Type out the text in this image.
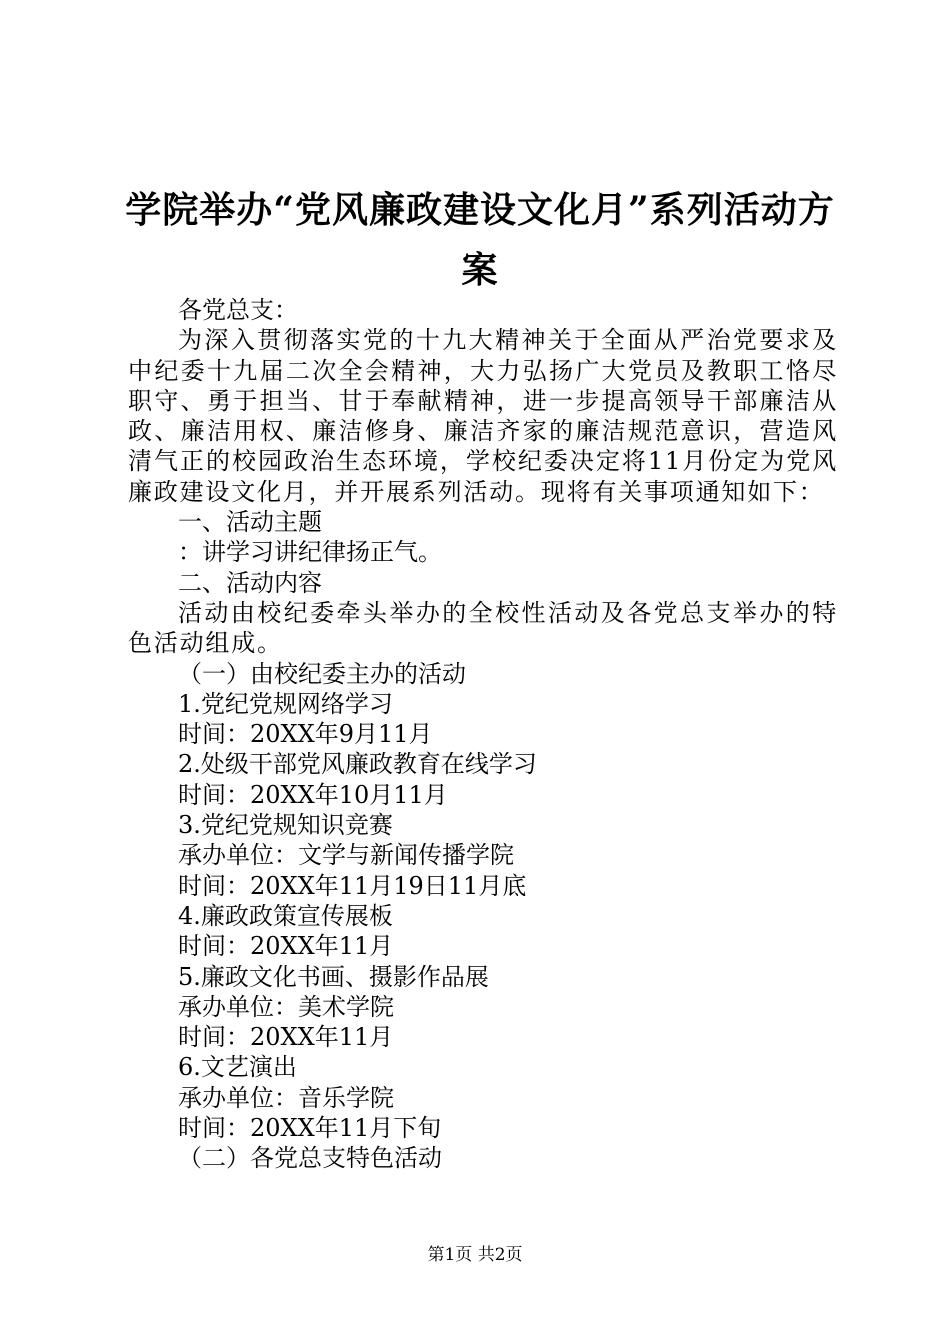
学院举办“党风廉政建设文化月”系列活动方案

各党总支：

为深入贯彻落实党的十九大精神关于全面从严治党要求及中纪委十九届二次全会精神，大力弘扬广大党员及教职工恪尽职守、勇于担当、甘于奉献精神，进一步提高领导干部廉洁从政、廉洁用权、廉洁修身、廉洁齐家的廉洁规范意识，营造风清气正的校园政治生态环境，学校纪委决定将11月份定为党风廉政建设文化月，并开展系列活动。现将有关事项通知如下：

一、活动主题

：讲学习讲纪律扬正气。

二、活动内容

活动由校纪委牵头举办的全校性活动及各党总支举办的特色活动组成。

（一）由校纪委主办的活动

1.党纪党规网络学习

时间：20XX年9月11月

2.处级干部党风廉政教育在线学习

时间：20XX年10月11月

3.党纪党规知识竞赛

承办单位：文学与新闻传播学院

时间：20XX年11月19日11月底

4.廉政政策宣传展板

时间：20XX年11月

5.廉政文化书画、摄影作品展

承办单位：美术学院

时间：20XX年11月

6.文艺演出

承办单位：音乐学院

时间：20XX年11月下旬

（二）各党总支特色活动

第1页 共2页
